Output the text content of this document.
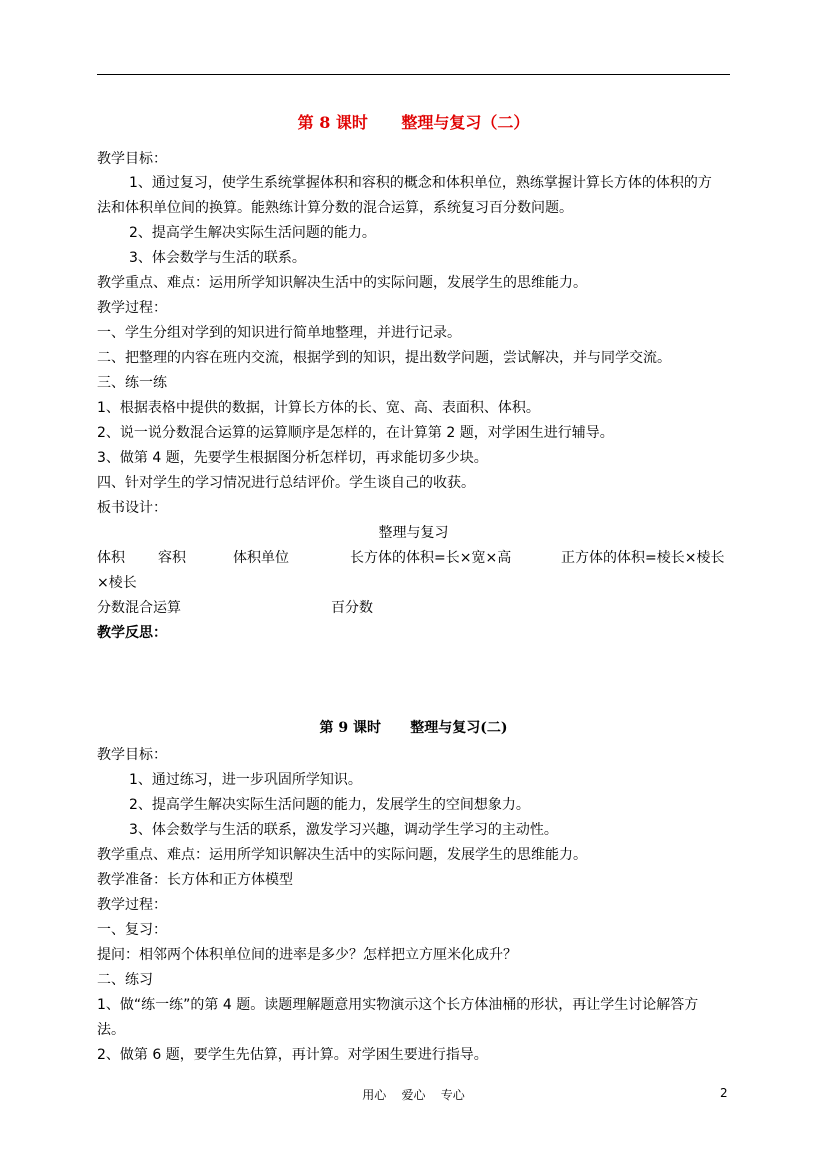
第 8 课时      整理与复习（二）
教学目标：
1、通过复习，使学生系统掌握体积和容积的概念和体积单位，熟练掌握计算长方体的体积的方
法和体积单位间的换算。能熟练计算分数的混合运算，系统复习百分数问题。
2、提高学生解决实际生活问题的能力。
3、体会数学与生活的联系。
教学重点、难点：运用所学知识解决生活中的实际问题，发展学生的思维能力。
教学过程：
一、学生分组对学到的知识进行简单地整理，并进行记录。
二、把整理的内容在班内交流，根据学到的知识，提出数学问题，尝试解决，并与同学交流。
三、练一练
1、根据表格中提供的数据，计算长方体的长、宽、高、表面积、体积。
2、说一说分数混合运算的运算顺序是怎样的，在计算第 2 题，对学困生进行辅导。
3、做第 4 题，先要学生根据图分析怎样切，再求能切多少块。
四、针对学生的学习情况进行总结评价。学生谈自己的收获。
板书设计：
整理与复习
体积 容积	体积单位	长方体的体积=长×宽×高	正方体的体积=棱长×棱长
×棱长
分数混合运算	百分数
教学反思：
第 9 课时      整理与复习(二)
教学目标：
1、通过练习，进一步巩固所学知识。
2、提高学生解决实际生活问题的能力，发展学生的空间想象力。
3、体会数学与生活的联系，激发学习兴趣，调动学生学习的主动性。
教学重点、难点：运用所学知识解决生活中的实际问题，发展学生的思维能力。
教学准备：长方体和正方体模型
教学过程：
一、复习：
提问：相邻两个体积单位间的进率是多少？怎样把立方厘米化成升？
二、练习
1、做“练一练”的第 4 题。读题理解题意用实物演示这个长方体油桶的形状，再让学生讨论解答方
法。
2、做第 6 题，要学生先估算，再计算。对学困生要进行指导。
用心    爱心    专心	2
